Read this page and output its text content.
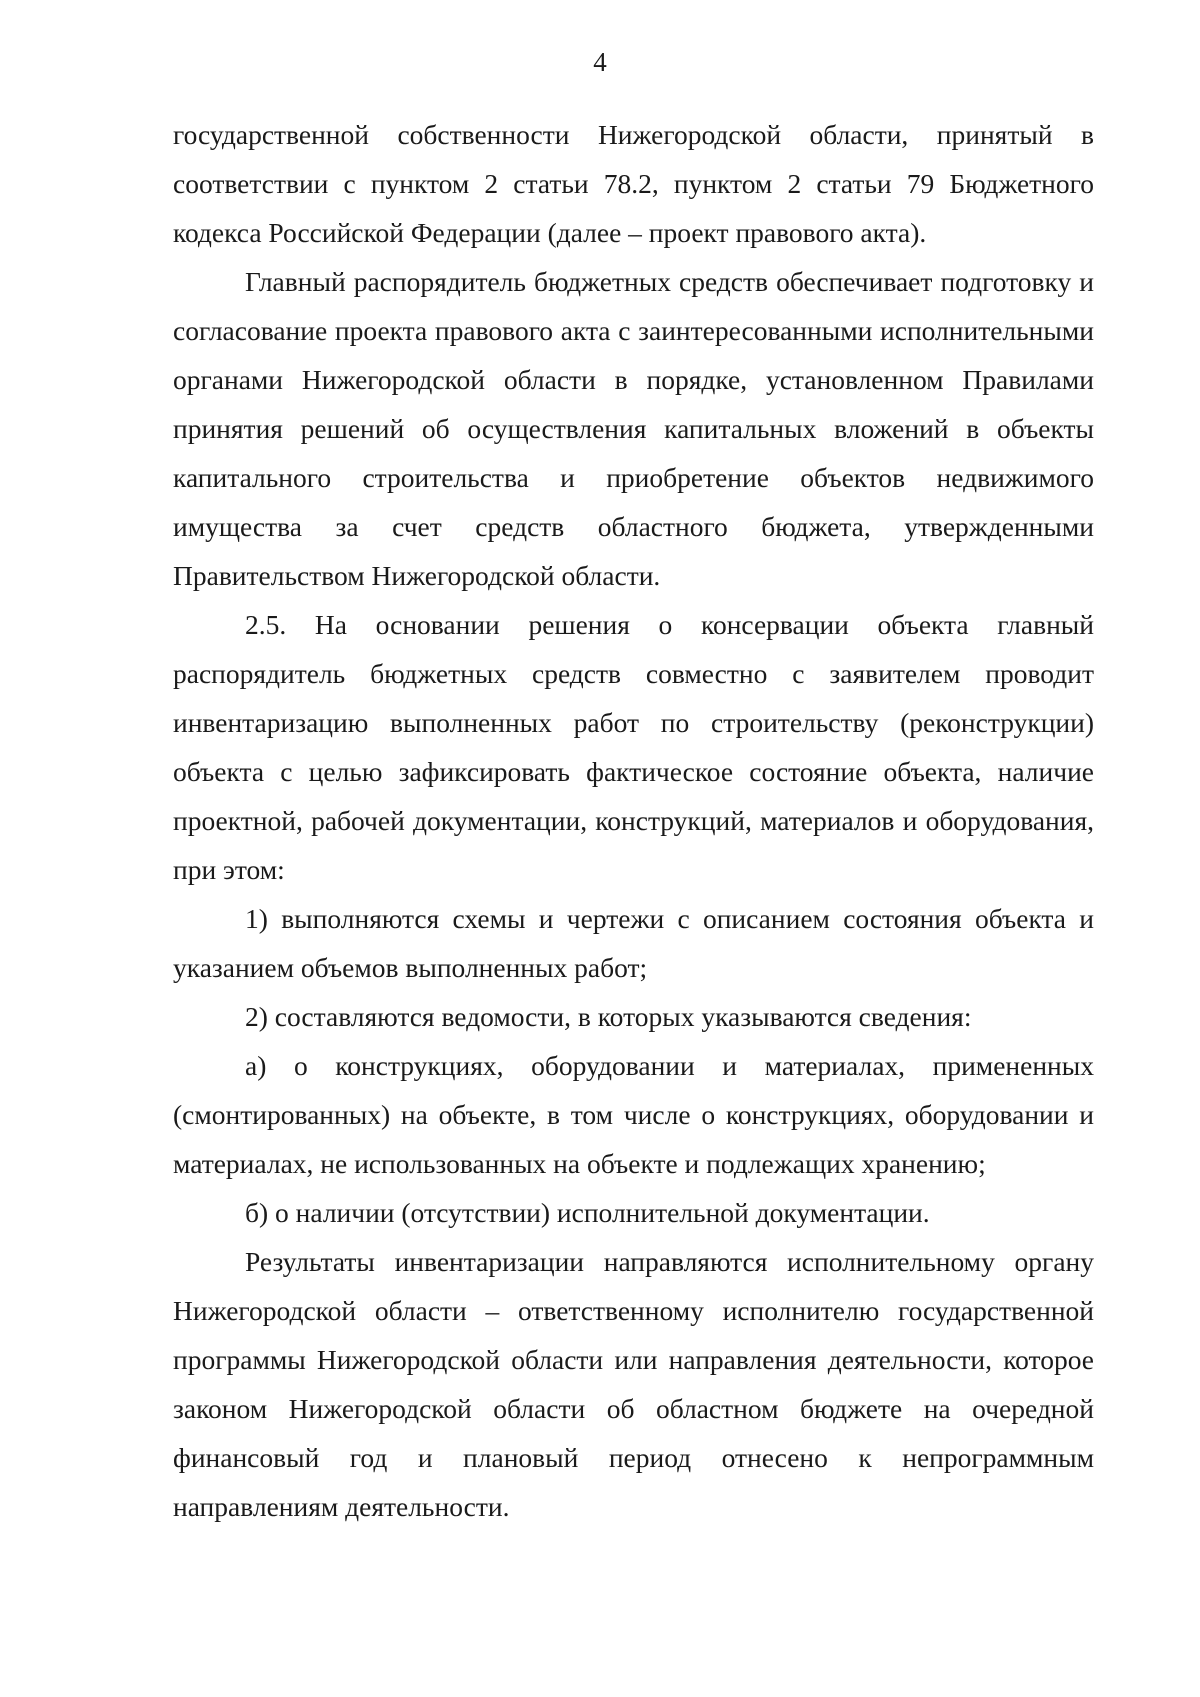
4

государственной собственности Нижегородской области, принятый в соответствии с пунктом 2 статьи 78.2, пунктом 2 статьи 79 Бюджетного кодекса Российской Федерации (далее – проект правового акта).

Главный распорядитель бюджетных средств обеспечивает подготовку и согласование проекта правового акта с заинтересованными исполнительными органами Нижегородской области в порядке, установленном Правилами принятия решений об осуществления капитальных вложений в объекты капитального строительства и приобретение объектов недвижимого имущества за счет средств областного бюджета, утвержденными Правительством Нижегородской области.

2.5. На основании решения о консервации объекта главный распорядитель бюджетных средств совместно с заявителем проводит инвентаризацию выполненных работ по строительству (реконструкции) объекта с целью зафиксировать фактическое состояние объекта, наличие проектной, рабочей документации, конструкций, материалов и оборудования, при этом:

1) выполняются схемы и чертежи с описанием состояния объекта и указанием объемов выполненных работ;

2) составляются ведомости, в которых указываются сведения:

а) о конструкциях, оборудовании и материалах, примененных (смонтированных) на объекте, в том числе о конструкциях, оборудовании и материалах, не использованных на объекте и подлежащих хранению;

б) о наличии (отсутствии) исполнительной документации.

Результаты инвентаризации направляются исполнительному органу Нижегородской области – ответственному исполнителю государственной программы Нижегородской области или направления деятельности, которое законом Нижегородской области об областном бюджете на очередной финансовый год и плановый период отнесено к непрограммным направлениям деятельности.
